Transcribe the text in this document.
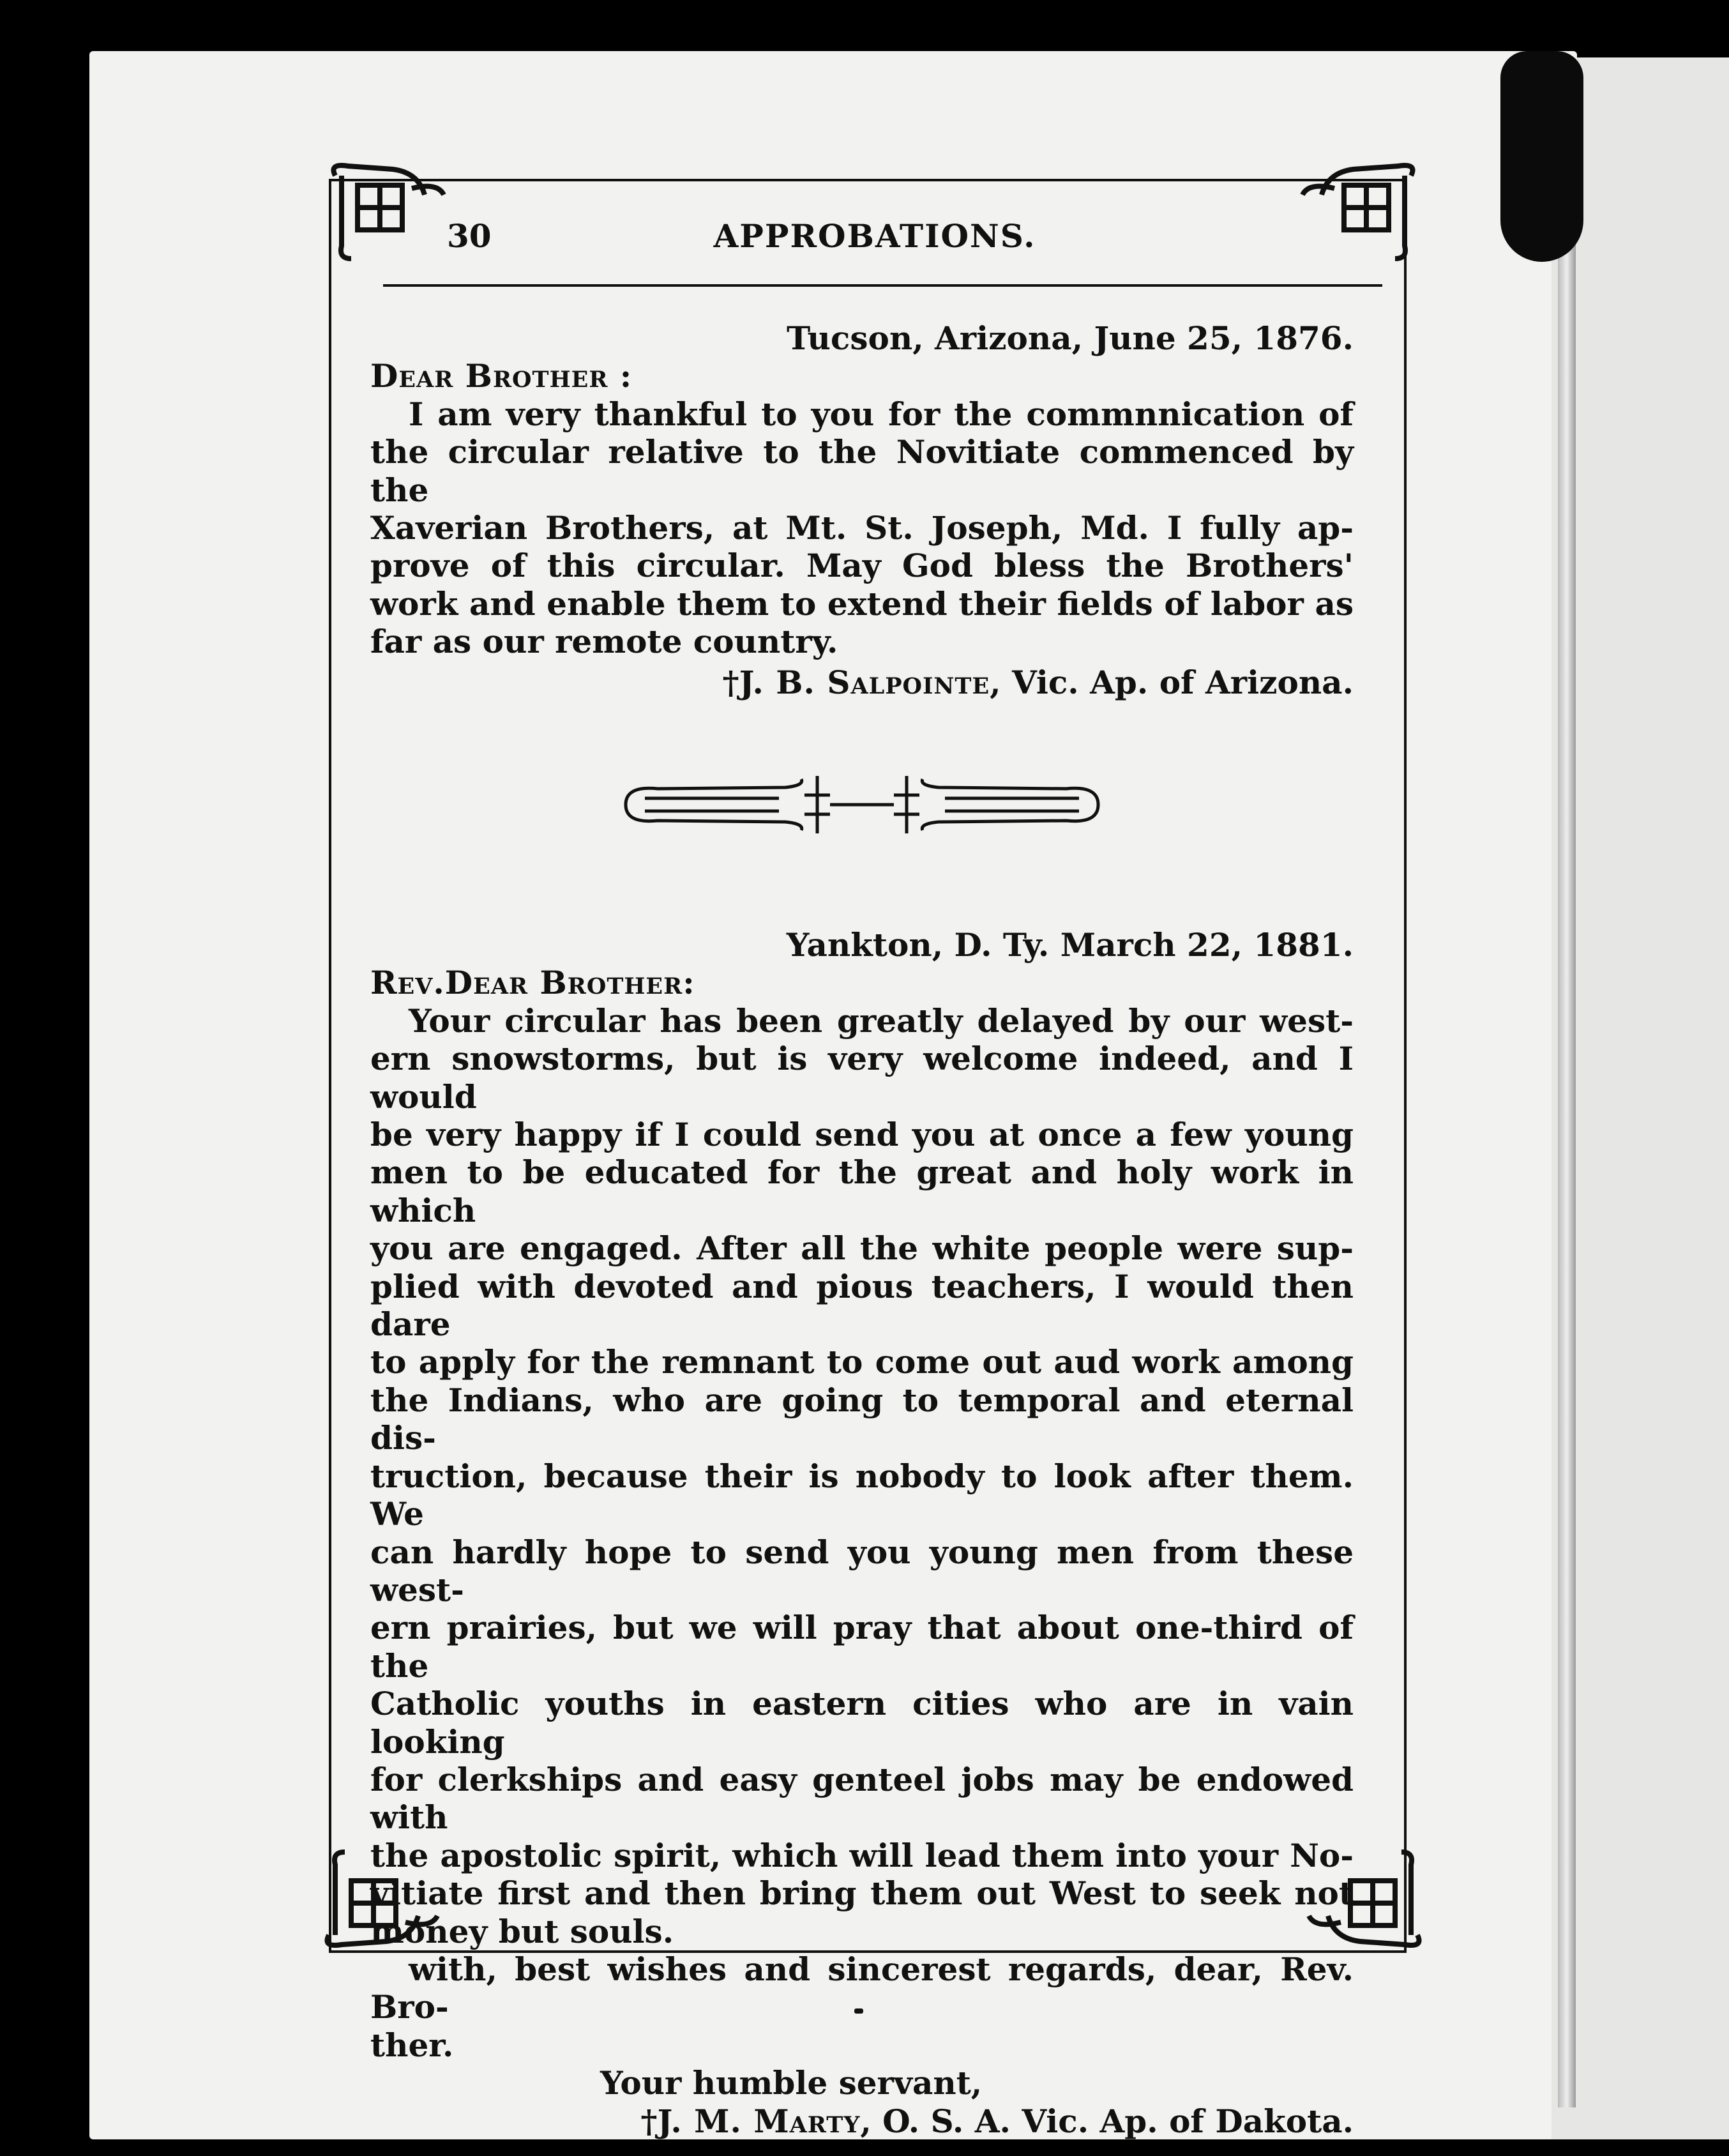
30	APPROBATIONS.

Tucson, Arizona, June 25, 1876.

Dear Brother :

I am very thankful to you for the commnnication of

the circular relative to the Novitiate commenced by the

Xaverian Brothers, at Mt. St. Joseph, Md. I fully ap-

prove of this circular. May God bless the Brothers'

work and enable them to extend their fields of labor as

far as our remote country.

†J. B. Salpointe, Vic. Ap. of Arizona.

Yankton, D. Ty. March 22, 1881.

Rev.Dear Brother:

Your circular has been greatly delayed by our west-

ern snowstorms, but is very welcome indeed, and I would

be very happy if I could send you at once a few young

men to be educated for the great and holy work in which

you are engaged. After all the white people were sup-

plied with devoted and pious teachers, I would then dare

to apply for the remnant to come out aud work among

the Indians, who are going to temporal and eternal dis-

truction, because their is nobody to look after them. We

can hardly hope to send you young men from these west-

ern prairies, but we will pray that about one-third of the

Catholic youths in eastern cities who are in vain looking

for clerkships and easy genteel jobs may be endowed with

the apostolic spirit, which will lead them into your No-

vitiate first and then bring them out West to seek not

money but souls.

with, best wishes and sincerest regards, dear, Rev. Bro-

ther.

Your humble servant,

†J. M. Marty, O. S. A. Vic. Ap. of Dakota.
